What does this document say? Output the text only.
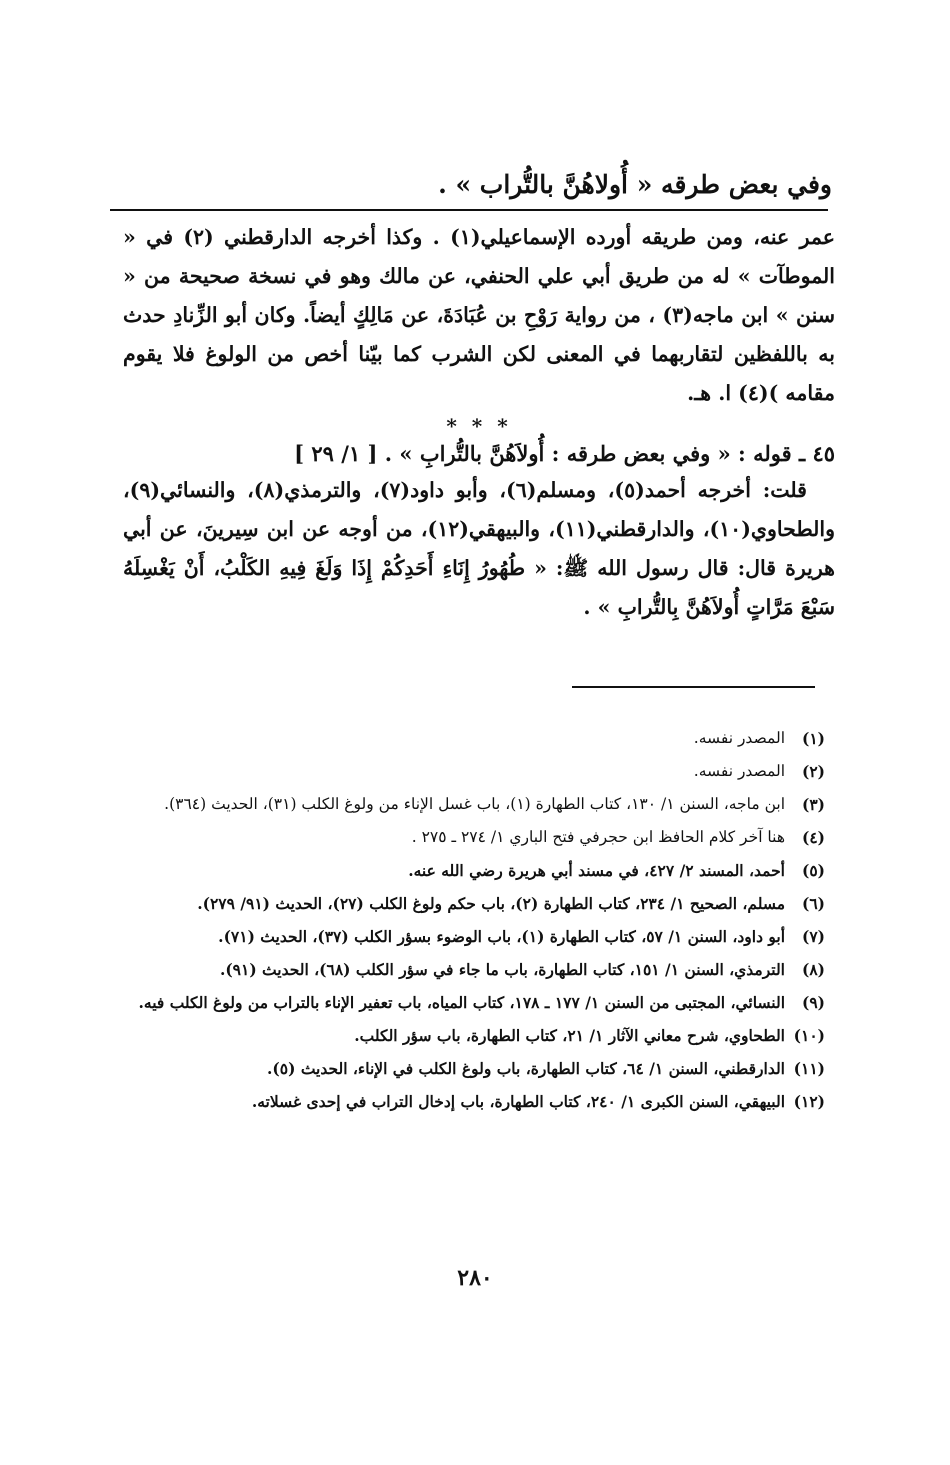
وفي بعض طرقه « أُولاهُنَّ بالتُّراب » .

عمر عنه، ومن طريقه أورده الإسماعيلي(١) . وكذا أخرجه الدارقطني (٢) في « الموطآت » له من طريق أبي علي الحنفي، عن مالك وهو في نسخة صحيحة من « سنن » ابن ماجه(٣) ، من رواية رَوْحِ بن عُبَادَةَ، عن مَالِكٍ أيضاً. وكان أبو الزِّنادِ حدث به باللفظين لتقاربهما في المعنى لكن الشرب كما بيّنا أخص من الولوغ فلا يقوم مقامه )(٤) ا. هـ.

* * *

٤٥ ـ قوله : « وفي بعض طرقه : أُولاَهُنَّ بالتُّرابِ » . [ ١/ ٢٩ ]

قلت: أخرجه أحمد(٥)، ومسلم(٦)، وأبو داود(٧)، والترمذي(٨)، والنسائي(٩)، والطحاوي(١٠)، والدارقطني(١١)، والبيهقي(١٢)، من أوجه عن ابن سِيرينَ، عن أبي هريرة قال: قال رسول الله ﷺ: « طُهُورُ إِنَاءِ أَحَدِكُمْ إِذَا وَلَغَ فِيهِ الكَلْبُ، أَنْ يَغْسِلَهُ سَبْعَ مَرَّاتٍ أُولاَهُنَّ بِالتُّرابِ » .

(١)
المصدر نفسه.

(٢)
المصدر نفسه.

(٣)
ابن ماجه، السنن ١/ ١٣٠، كتاب الطهارة (١)، باب غسل الإناء من ولوغ الكلب (٣١)، الحديث (٣٦٤).

(٤)
هنا آخر كلام الحافظ ابن حجرفي فتح الباري ١/ ٢٧٤ ـ ٢٧٥ .

(٥)
أحمد، المسند ٢/ ٤٢٧، في مسند أبي هريرة رضي الله عنه.

(٦)
مسلم، الصحيح ١/ ٢٣٤، كتاب الطهارة (٢)، باب حكم ولوغ الكلب (٢٧)، الحديث (٩١/ ٢٧٩).

(٧)
أبو داود، السنن ١/ ٥٧، كتاب الطهارة (١)، باب الوضوء بسؤر الكلب (٣٧)، الحديث (٧١).

(٨)
الترمذي، السنن ١/ ١٥١، كتاب الطهارة، باب ما جاء في سؤر الكلب (٦٨)، الحديث (٩١).

(٩)
النسائي، المجتبى من السنن ١/ ١٧٧ ـ ١٧٨، كتاب المياه، باب تعفير الإناء بالتراب من ولوغ الكلب فيه.

(١٠)
الطحاوي، شرح معاني الآثار ١/ ٢١، كتاب الطهارة، باب سؤر الكلب.

(١١)
الدارقطني، السنن ١/ ٦٤، كتاب الطهارة، باب ولوغ الكلب في الإناء، الحديث (٥).

(١٢)
البيهقي، السنن الكبرى ١/ ٢٤٠، كتاب الطهارة، باب إدخال التراب في إحدى غسلاته.

٢٨٠
